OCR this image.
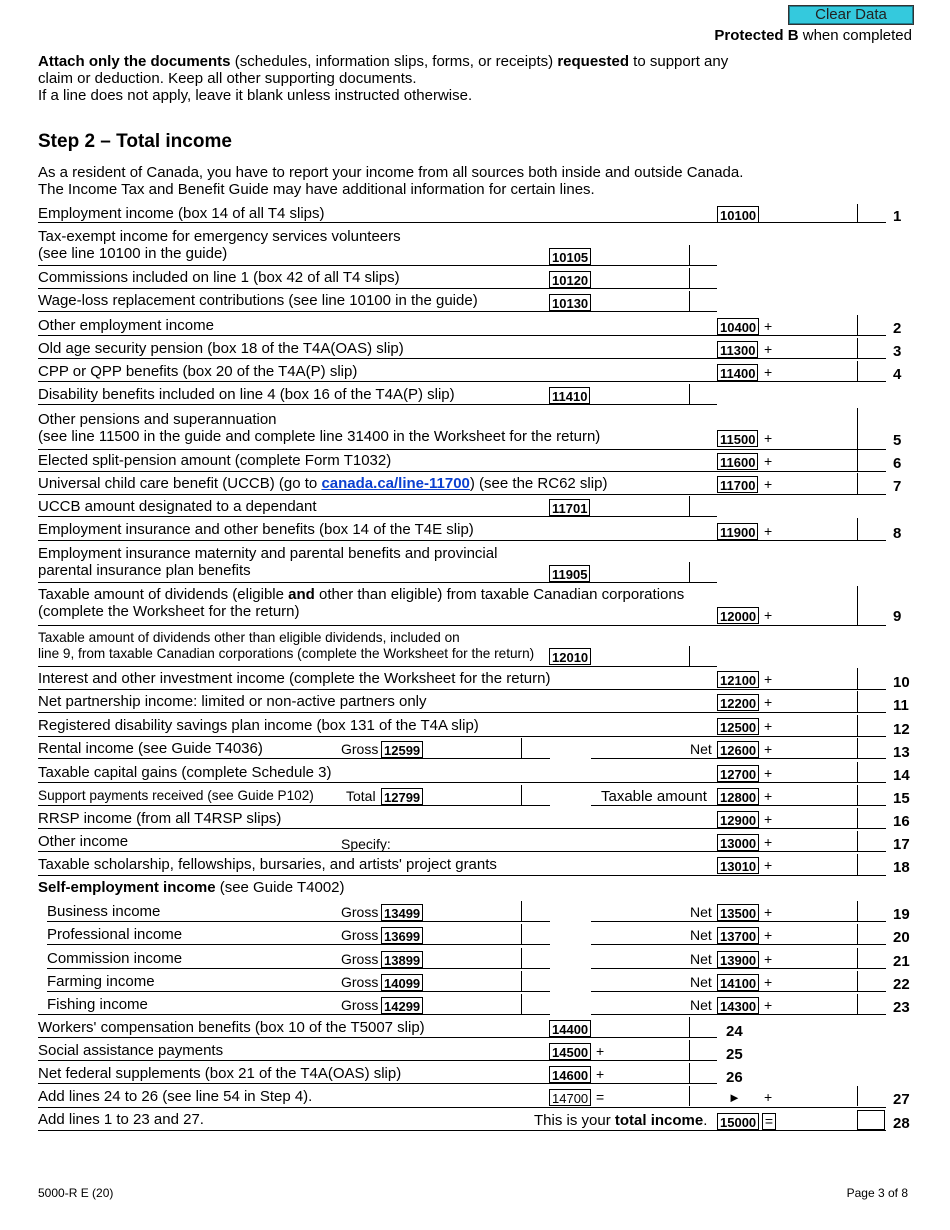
Clear Data
Protected B when completed
Attach only the documents (schedules, information slips, forms, or receipts) requested to support any claim or deduction. Keep all other supporting documents.
If a line does not apply, leave it blank unless instructed otherwise.
Step 2 – Total income
As a resident of Canada, you have to report your income from all sources both inside and outside Canada.
The Income Tax and Benefit Guide may have additional information for certain lines.
Employment income (box 14 of all T4 slips)	10100	1
Tax-exempt income for emergency services volunteers
(see line 10100 in the guide)	10105
Commissions included on line 1 (box 42 of all T4 slips)	10120
Wage-loss replacement contributions (see line 10100 in the guide)	10130
Other employment income	10400 +	2
Old age security pension (box 18 of the T4A(OAS) slip)	11300 +	3
CPP or QPP benefits (box 20 of the T4A(P) slip)	11400 +	4
Disability benefits included on line 4 (box 16 of the T4A(P) slip)	11410
Other pensions and superannuation
(see line 11500 in the guide and complete line 31400 in the Worksheet for the return)	11500 +	5
Elected split-pension amount (complete Form T1032)	11600 +	6
Universal child care benefit (UCCB) (go to canada.ca/line-11700) (see the RC62 slip)	11700 +	7
UCCB amount designated to a dependant	11701
Employment insurance and other benefits (box 14 of the T4E slip)	11900 +	8
Employment insurance maternity and parental benefits and provincial
parental insurance plan benefits	11905
Taxable amount of dividends (eligible and other than eligible) from taxable Canadian corporations
(complete the Worksheet for the return)	12000 +	9
Taxable amount of dividends other than eligible dividends, included on
line 9, from taxable Canadian corporations (complete the Worksheet for the return) 12010
Interest and other investment income (complete the Worksheet for the return)	12100 +	10
Net partnership income: limited or non-active partners only	12200 +	11
Registered disability savings plan income (box 131 of the T4A slip)	12500 +	12
Rental income (see Guide T4036)	Gross 12599	Net 12600 +	13
Taxable capital gains (complete Schedule 3)	12700 +	14
Support payments received (see Guide P102) Total 12799	Taxable amount 12800 +	15
RRSP income (from all T4RSP slips)	12900 +	16
Other income	Specify:	13000 +	17
Taxable scholarship, fellowships, bursaries, and artists' project grants	13010 +	18
Self-employment income (see Guide T4002)
Business income	Gross 13499	Net 13500 +	19
Professional income	Gross 13699	Net 13700 +	20
Commission income	Gross 13899	Net 13900 +	21
Farming income	Gross 14099	Net 14100 +	22
Fishing income	Gross 14299	Net 14300 +	23
Workers' compensation benefits (box 10 of the T5007 slip)	14400	24
Social assistance payments	14500 +	25
Net federal supplements (box 21 of the T4A(OAS) slip)	14600 +	26
Add lines 24 to 26 (see line 54 in Step 4).	14700 =	► +	27
Add lines 1 to 23 and 27.	This is your total income. 15000 =	28
5000-R E (20)	Page 3 of 8
